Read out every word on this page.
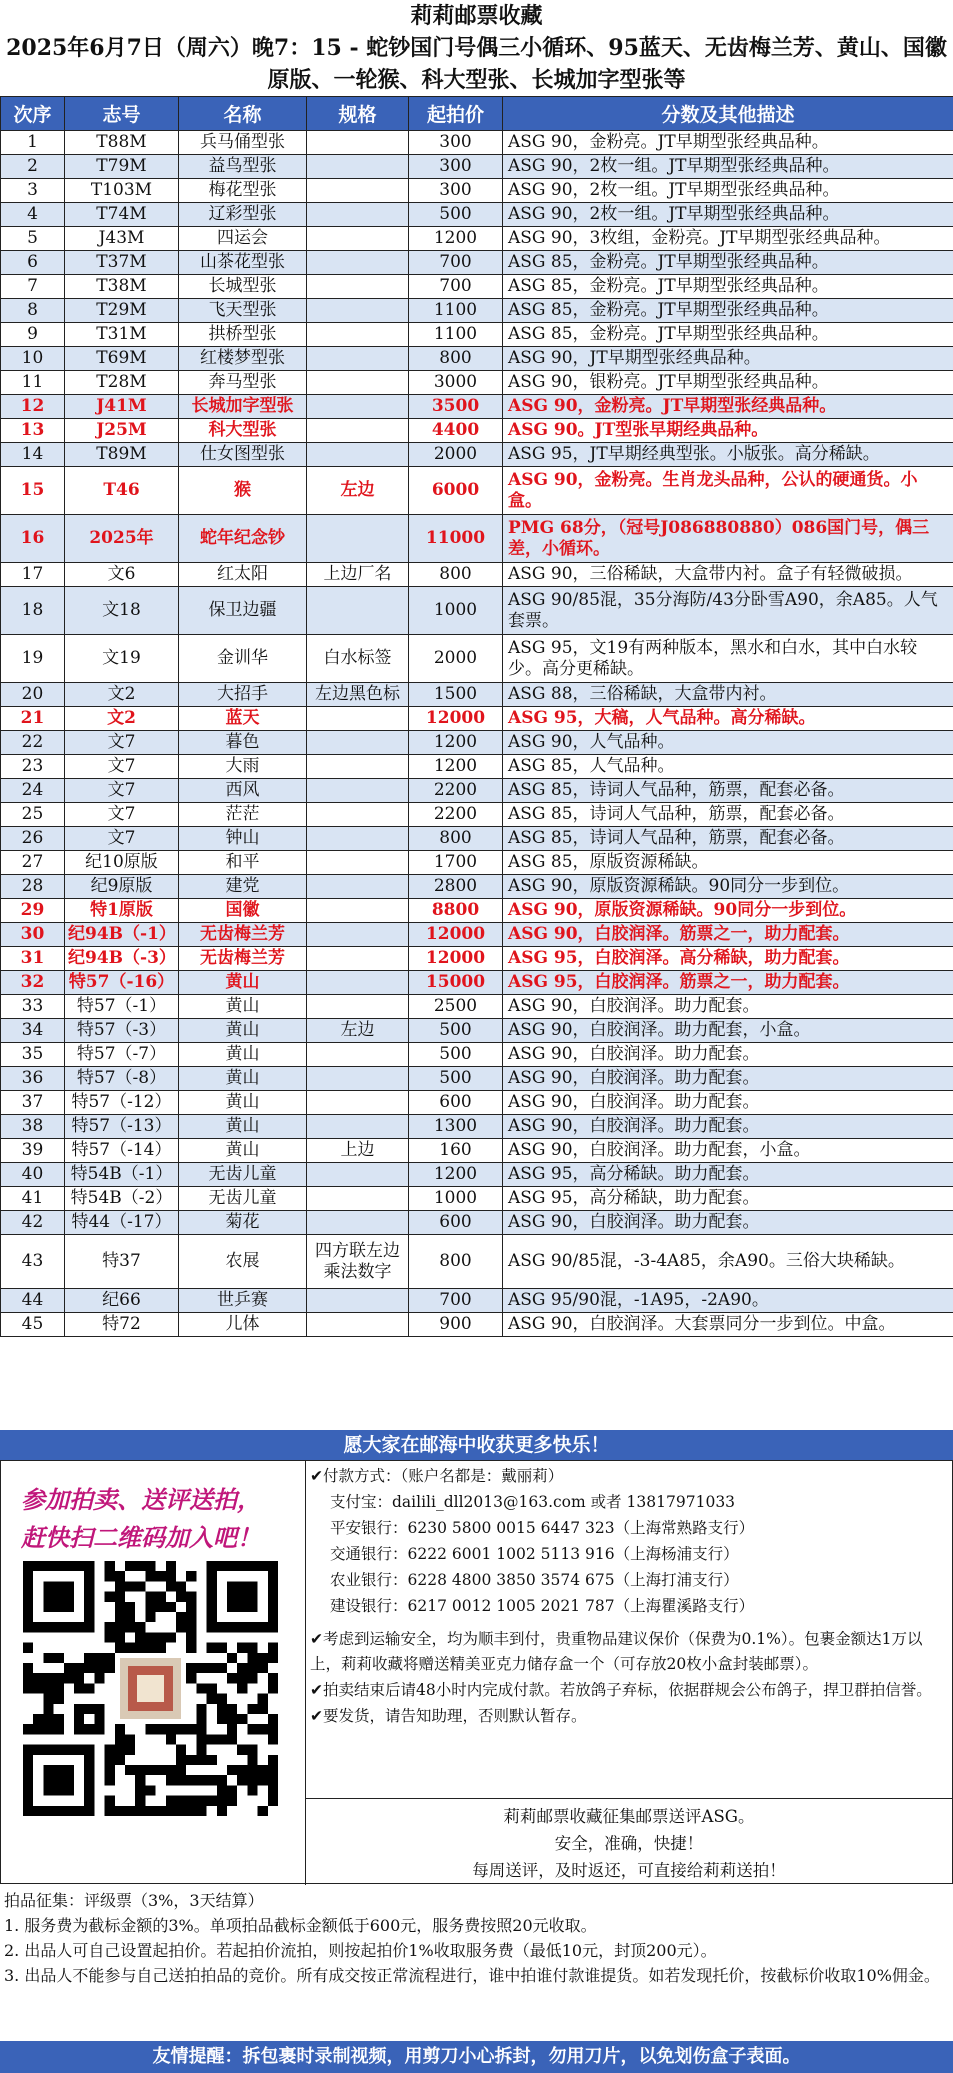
莉莉邮票收藏
2025年6月7日（周六）晚7：15 - 蛇钞国门号偶三小循环、95蓝天、无齿梅兰芳、黄山、国徽
原版、一轮猴、科大型张、长城加字型张等
次序	志号	名称	规格	起拍价	分数及其他描述
1	T88M	兵马俑型张		300	ASG 90，金粉亮。JT早期型张经典品种。
2	T79M	益鸟型张		300	ASG 90，2枚一组。JT早期型张经典品种。
3	T103M	梅花型张		300	ASG 90，2枚一组。JT早期型张经典品种。
4	T74M	辽彩型张		500	ASG 90，2枚一组。JT早期型张经典品种。
5	J43M	四运会		1200	ASG 90，3枚组，金粉亮。JT早期型张经典品种。
6	T37M	山茶花型张		700	ASG 85，金粉亮。JT早期型张经典品种。
7	T38M	长城型张		700	ASG 85，金粉亮。JT早期型张经典品种。
8	T29M	飞天型张		1100	ASG 85，金粉亮。JT早期型张经典品种。
9	T31M	拱桥型张		1100	ASG 85，金粉亮。JT早期型张经典品种。
10	T69M	红楼梦型张		800	ASG 90，JT早期型张经典品种。
11	T28M	奔马型张		3000	ASG 90，银粉亮。JT早期型张经典品种。
12	J41M	长城加字型张		3500	ASG 90，金粉亮。JT早期型张经典品种。
13	J25M	科大型张		4400	ASG 90。JT型张早期经典品种。
14	T89M	仕女图型张		2000	ASG 95，JT早期经典型张。小版张。高分稀缺。
15	T46	猴	左边	6000	ASG 90，金粉亮。生肖龙头品种，公认的硬通货。小盒。
16	2025年	蛇年纪念钞		11000	PMG 68分，（冠号J086880880）086国门号，偶三差，小循环。
17	文6	红太阳	上边厂名	800	ASG 90，三俗稀缺，大盒带内衬。盒子有轻微破损。
18	文18	保卫边疆		1000	ASG 90/85混，35分海防/43分卧雪A90，余A85。人气套票。
19	文19	金训华	白水标签	2000	ASG 95，文19有两种版本，黑水和白水，其中白水较少。高分更稀缺。
20	文2	大招手	左边黑色标	1500	ASG 88，三俗稀缺，大盒带内衬。
21	文2	蓝天		12000	ASG 95，大稿，人气品种。高分稀缺。
22	文7	暮色		1200	ASG 90，人气品种。
23	文7	大雨		1200	ASG 85，人气品种。
24	文7	西风		2200	ASG 85，诗词人气品种，筋票，配套必备。
25	文7	茫茫		2200	ASG 85，诗词人气品种，筋票，配套必备。
26	文7	钟山		800	ASG 85，诗词人气品种，筋票，配套必备。
27	纪10原版	和平		1700	ASG 85，原版资源稀缺。
28	纪9原版	建党		2800	ASG 90，原版资源稀缺。90同分一步到位。
29	特1原版	国徽		8800	ASG 90，原版资源稀缺。90同分一步到位。
30	纪94B（-1）	无齿梅兰芳		12000	ASG 90，白胶润泽。筋票之一，助力配套。
31	纪94B（-3）	无齿梅兰芳		12000	ASG 95，白胶润泽。高分稀缺，助力配套。
32	特57（-16）	黄山		15000	ASG 95，白胶润泽。筋票之一，助力配套。
33	特57（-1）	黄山		2500	ASG 90，白胶润泽。助力配套。
34	特57（-3）	黄山	左边	500	ASG 90，白胶润泽。助力配套，小盒。
35	特57（-7）	黄山		500	ASG 90，白胶润泽。助力配套。
36	特57（-8）	黄山		500	ASG 90，白胶润泽。助力配套。
37	特57（-12）	黄山		600	ASG 90，白胶润泽。助力配套。
38	特57（-13）	黄山		1300	ASG 90，白胶润泽。助力配套。
39	特57（-14）	黄山	上边	160	ASG 90，白胶润泽。助力配套，小盒。
40	特54B（-1）	无齿儿童		1200	ASG 95，高分稀缺。助力配套。
41	特54B（-2）	无齿儿童		1000	ASG 95，高分稀缺，助力配套。
42	特44（-17）	菊花		600	ASG 90，白胶润泽。助力配套。
43	特37	农展	四方联左边乘法数字	800	ASG 90/85混，-3-4A85，余A90。三俗大块稀缺。
44	纪66	世乒赛		700	ASG 95/90混，-1A95，-2A90。
45	特72	儿体		900	ASG 90，白胶润泽。大套票同分一步到位。中盒。
愿大家在邮海中收获更多快乐！
参加拍卖、送评送拍，
赶快扫二维码加入吧！
✔付款方式：（账户名都是：戴丽莉）
支付宝：dailili_dll2013@163.com 或者 13817971033
平安银行：6230 5800 0015 6447 323（上海常熟路支行）
交通银行：6222 6001 1002 5113 916（上海杨浦支行）
农业银行：6228 4800 3850 3574 675（上海打浦支行）
建设银行：6217 0012 1005 2021 787（上海瞿溪路支行）
✔考虑到运输安全，均为顺丰到付，贵重物品建议保价（保费为0.1%）。包裹金额达1万以上，莉莉收藏将赠送精美亚克力储存盒一个（可存放20枚小盒封装邮票）。
✔拍卖结束后请48小时内完成付款。若放鸽子弃标，依据群规会公布鸽子，捍卫群拍信誉。
✔要发货，请告知助理，否则默认暂存。
莉莉邮票收藏征集邮票送评ASG。
安全，准确，快捷！
每周送评，及时返还，可直接给莉莉送拍！
拍品征集：评级票（3%，3天结算）
1. 服务费为截标金额的3%。单项拍品截标金额低于600元，服务费按照20元收取。
2. 出品人可自己设置起拍价。若起拍价流拍，则按起拍价1%收取服务费（最低10元，封顶200元）。
3. 出品人不能参与自己送拍拍品的竞价。所有成交按正常流程进行，谁中拍谁付款谁提货。如若发现托价，按截标价收取10%佣金。
友情提醒：拆包裹时录制视频，用剪刀小心拆封，勿用刀片，以免划伤盒子表面。
